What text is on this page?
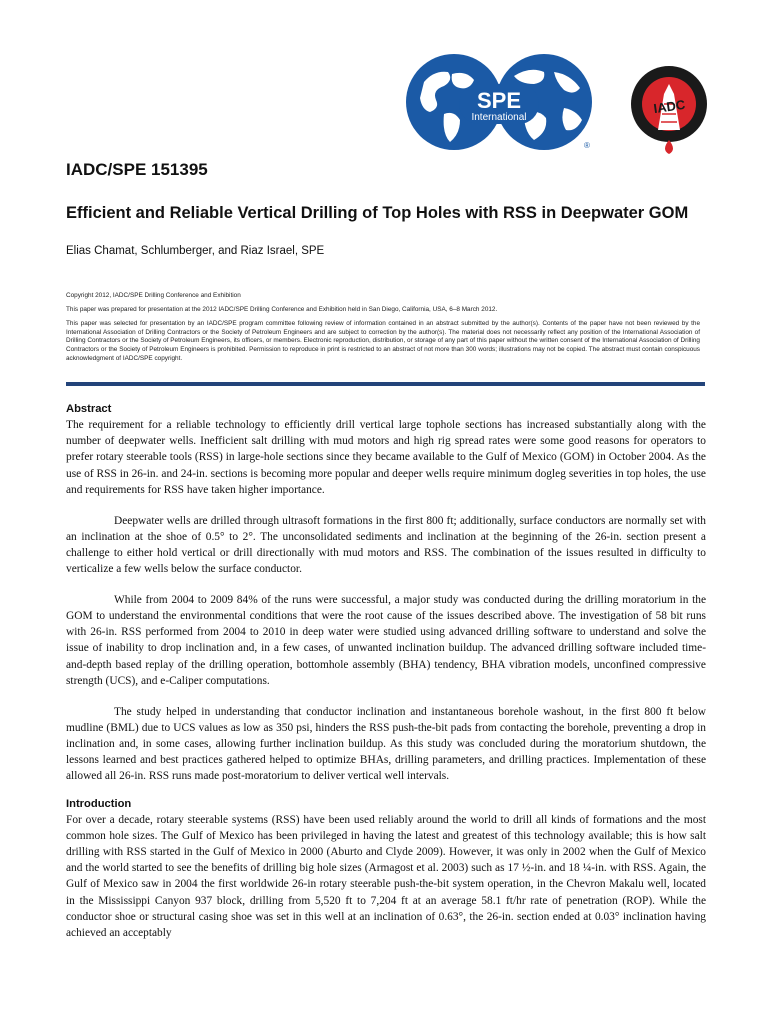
SPE
International
®
IADC
IADC/SPE 151395
Efficient and Reliable Vertical Drilling of Top Holes with RSS in Deepwater GOM
Elias Chamat, Schlumberger, and Riaz Israel, SPE

Copyright 2012, IADC/SPE Drilling Conference and Exhibition

This paper was prepared for presentation at the 2012 IADC/SPE Drilling Conference and Exhibition held in San Diego, California, USA, 6–8 March 2012.

This paper was selected for presentation by an IADC/SPE program committee following review of information contained in an abstract submitted by the author(s). Contents of the paper have not been reviewed by the International Association of Drilling Contractors or the Society of Petroleum Engineers and are subject to correction by the author(s). The material does not necessarily reflect any position of the International Association of Drilling Contractors or the Society of Petroleum Engineers, its officers, or members. Electronic reproduction, distribution, or storage of any part of this paper without the written consent of the International Association of Drilling Contractors or the Society of Petroleum Engineers is prohibited. Permission to reproduce in print is restricted to an abstract of not more than 300 words; illustrations may not be copied. The abstract must contain conspicuous acknowledgment of IADC/SPE copyright.

Abstract

The requirement for a reliable technology to efficiently drill vertical large tophole sections has increased substantially along with the number of deepwater wells. Inefficient salt drilling with mud motors and high rig spread rates were some good reasons for operators to prefer rotary steerable tools (RSS) in large-hole sections since they became available to the Gulf of Mexico (GOM) in October 2004. As the use of RSS in 26-in. and 24-in. sections is becoming more popular and deeper wells require minimum dogleg severities in top holes, the use and requirements for RSS have taken higher importance.

Deepwater wells are drilled through ultrasoft formations in the first 800 ft; additionally, surface conductors are normally set with an inclination at the shoe of 0.5° to 2°. The unconsolidated sediments and inclination at the beginning of the 26-in. section present a challenge to either hold vertical or drill directionally with mud motors and RSS. The combination of the issues resulted in difficulty to verticalize a few wells below the surface conductor.

While from 2004 to 2009 84% of the runs were successful, a major study was conducted during the drilling moratorium in the GOM to understand the environmental conditions that were the root cause of the issues described above. The investigation of 58 bit runs with 26-in. RSS performed from 2004 to 2010 in deep water were studied using advanced drilling software to understand and solve the issue of inability to drop inclination and, in a few cases, of unwanted inclination buildup. The advanced drilling software included time- and-depth based replay of the drilling operation, bottomhole assembly (BHA) tendency, BHA vibration models, unconfined compressive strength (UCS), and e-Caliper computations.

The study helped in understanding that conductor inclination and instantaneous borehole washout, in the first 800 ft below mudline (BML) due to UCS values as low as 350 psi, hinders the RSS push-the-bit pads from contacting the borehole, preventing a drop in inclination and, in some cases, allowing further inclination buildup. As this study was concluded during the moratorium shutdown, the lessons learned and best practices gathered helped to optimize BHAs, drilling parameters, and drilling practices. Implementation of these allowed all 26-in. RSS runs made post-moratorium to deliver vertical well intervals.

Introduction

For over a decade, rotary steerable systems (RSS) have been used reliably around the world to drill all kinds of formations and the most common hole sizes. The Gulf of Mexico has been privileged in having the latest and greatest of this technology available; this is how salt drilling with RSS started in the Gulf of Mexico in 2000 (Aburto and Clyde 2009). However, it was only in 2002 when the Gulf of Mexico and the world started to see the benefits of drilling big hole sizes (Armagost et al. 2003) such as 17 ½-in. and 18 ¼-in. with RSS. Again, the Gulf of Mexico saw in 2004 the first worldwide 26-in rotary steerable push-the-bit system operation, in the Chevron Makalu well, located in the Mississippi Canyon 937 block, drilling from 5,520 ft to 7,204 ft at an average 58.1 ft/hr rate of penetration (ROP). While the conductor shoe or structural casing shoe was set in this well at an inclination of 0.63°, the 26-in. section ended at 0.03° inclination having achieved an acceptably
